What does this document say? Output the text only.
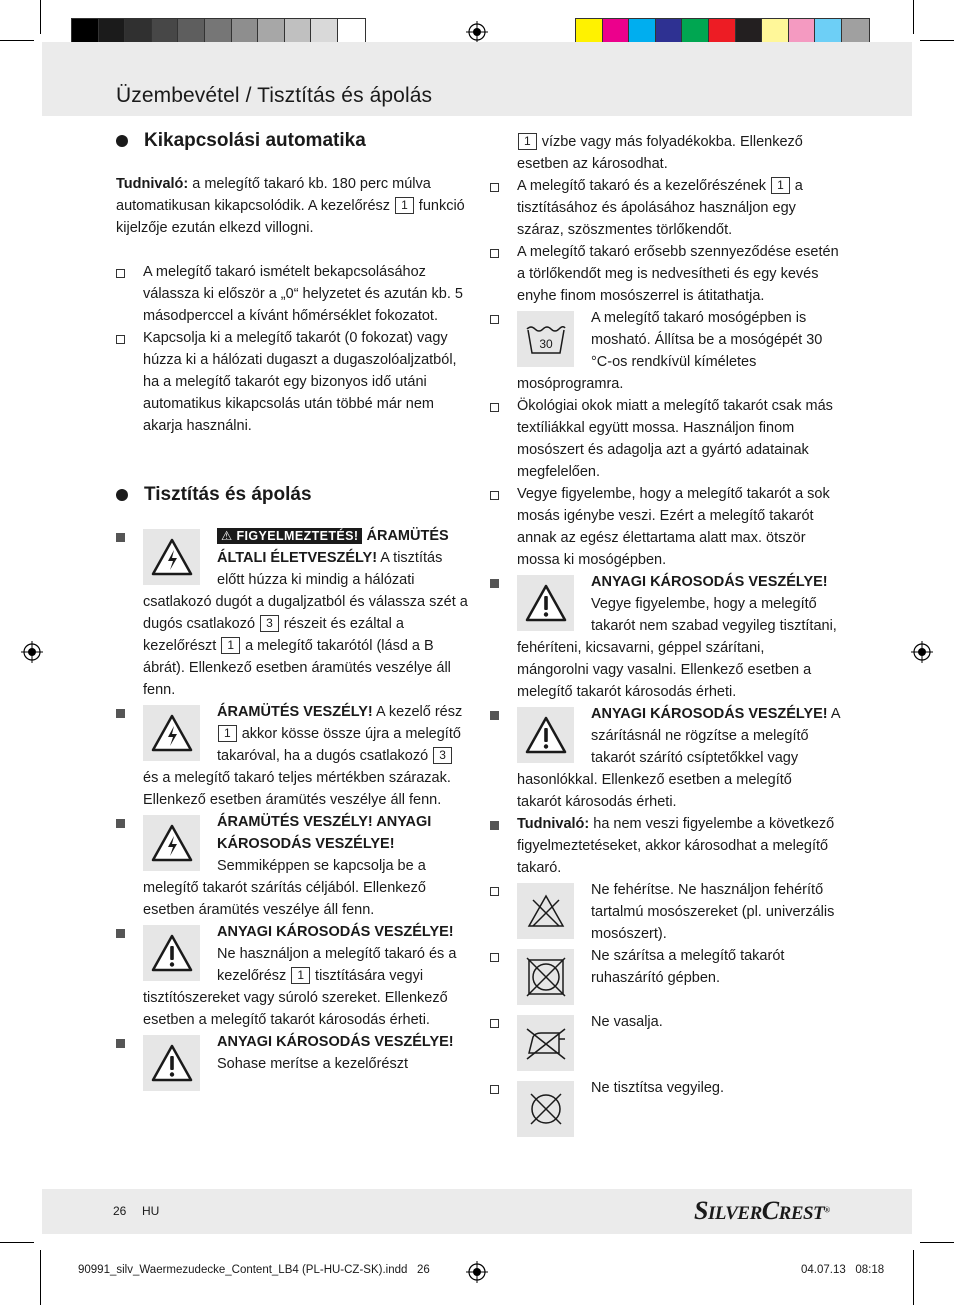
Üzembevétel / Tisztítás és ápolás
Kikapcsolási automatika

Tudnivaló: a melegítő takaró kb. 180 perc múlva automatikusan kikapcsolódik. A kezelőrész 1 funkció kijelzője ezután elkezd villogni.

A melegítő takaró ismételt bekapcsolásához válassza ki először a „0“ helyzetet és azután kb. 5 másodperccel a kívánt hőmérséklet fokozatot.
Kapcsolja ki a melegítő takarót (0 fokozat) vagy húzza ki a hálózati dugaszt a dugaszolóaljzatból, ha a melegítő takarót egy bizonyos idő utáni automatikus kikapcsolás után többé már nem akarja használni.
Tisztítás és ápolás
⚠ FIGYELMEZTETÉS! ÁRAMÜTÉS ÁLTALI ÉLETVESZÉLY! A tisztítás előtt húzza ki mindig a hálózati csatlakozó dugót a dugaljzatból és válassza szét a dugós csatlakozó 3 részeit és ezáltal a kezelőrészt 1 a melegítő takarótól (lásd a B ábrát). Ellenkező esetben áramütés veszélye áll fenn.
ÁRAMÜTÉS VESZÉLY! A kezelő rész 1 akkor kösse össze újra a melegítő takaróval, ha a dugós csatlakozó 3 és a melegítő takaró teljes mértékben szárazak. Ellenkező esetben áramütés veszélye áll fenn.
ÁRAMÜTÉS VESZÉLY! ANYAGI KÁROSODÁS VESZÉLYE! Semmiképpen se kapcsolja be a melegítő takarót szárítás céljából. Ellenkező esetben áramütés veszélye áll fenn.
ANYAGI KÁROSODÁS VESZÉLYE! Ne használjon a melegítő takaró és a kezelőrész 1 tisztítására vegyi tisztítószereket vagy súroló szereket. Ellenkező esetben a melegítő takarót károsodás érheti.
ANYAGI KÁROSODÁS VESZÉLYE! Sohase merítse a kezelőrészt

1 vízbe vagy más folyadékokba. Ellenkező esetben az károsodhat.

A melegítő takaró és a kezelőrészének 1 a tisztításához és ápolásához használjon egy száraz, szöszmentes törlőkendőt.
A melegítő takaró erősebb szennyeződése esetén a törlőkendőt meg is nedvesítheti és egy kevés enyhe finom mosószerrel is átitathatja.
30
A melegítő takaró mosógépben is mosható. Állítsa be a mosógépét 30 °C-os rendkívül kíméletes mosóprogramra.
Ökológiai okok miatt a melegítő takarót csak más textíliákkal együtt mossa. Használjon finom mosószert és adagolja azt a gyártó adatainak megfelelően.
Vegye figyelembe, hogy a melegítő takarót a sok mosás igénybe veszi. Ezért a melegítő takarót annak az egész élettartama alatt max. ötször mossa ki mosógépben.
ANYAGI KÁROSODÁS VESZÉLYE! Vegye figyelembe, hogy a melegítő takarót nem szabad vegyileg tisztítani, fehéríteni, kicsavarni, géppel szárítani, mángorolni vagy vasalni. Ellenkező esetben a melegítő takarót károsodás érheti.
ANYAGI KÁROSODÁS VESZÉLYE! A szárításnál ne rögzítse a melegítő takarót szárító csíptetőkkel vagy hasonlókkal. Ellenkező esetben a melegítő takarót károsodás érheti.
Tudnivaló: ha nem veszi figyelembe a következő figyelmeztetéseket, akkor károsodhat a melegítő takaró.
Ne fehérítse. Ne használjon fehérítő tartalmú mosószereket (pl. univerzális mosószert).
Ne szárítsa a melegítő takarót ruhaszárító gépben.
Ne vasalja.
Ne tisztítsa vegyileg.
26 HU	SILVERCREST®
90991_silv_Waermezudecke_Content_LB4 (PL-HU-CZ-SK).indd   26	04.07.13   08:18
